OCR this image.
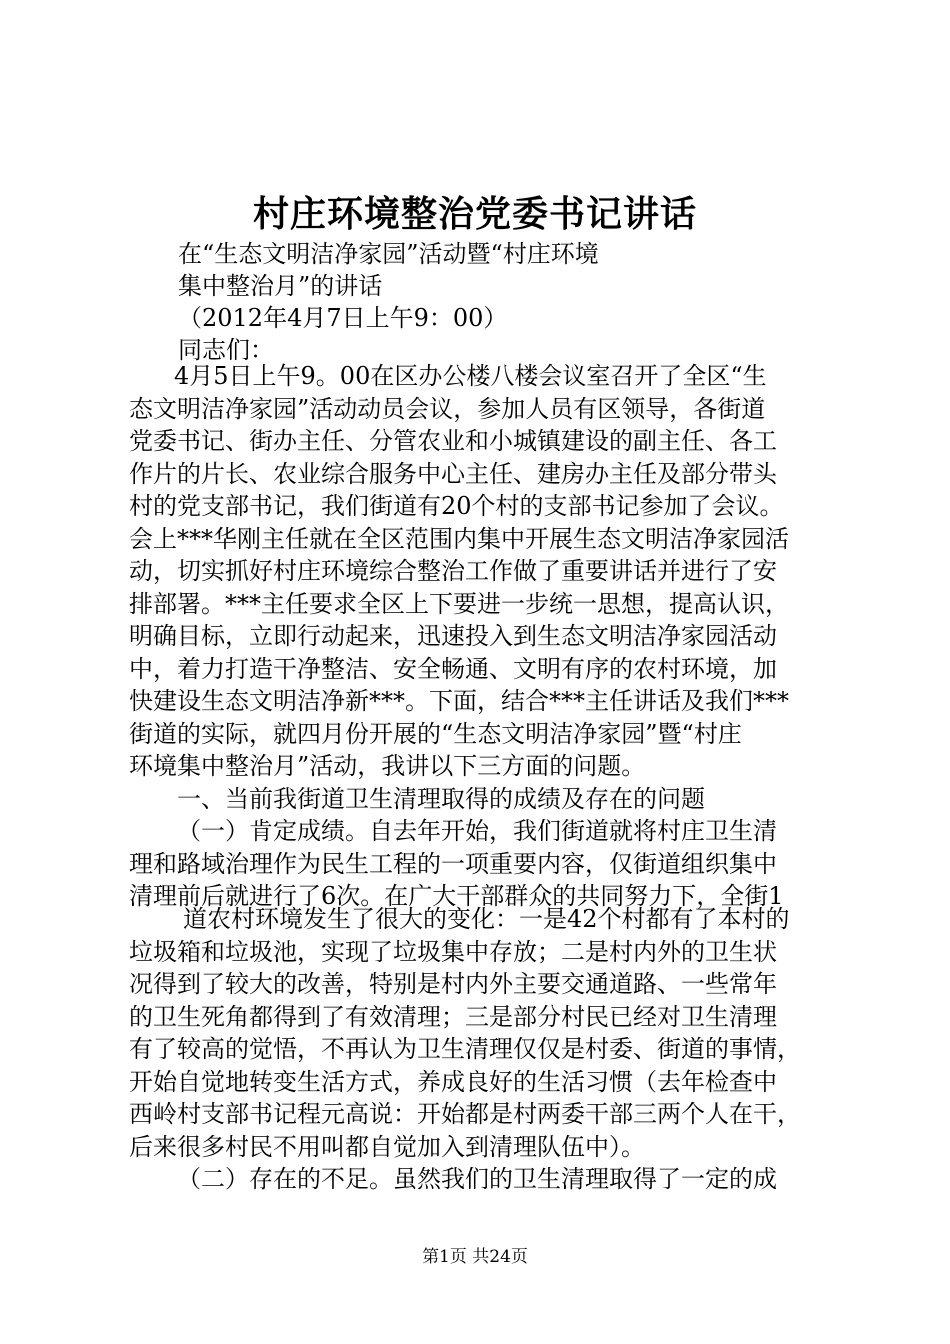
村庄环境整治党委书记讲话
在“生态文明洁净家园”活动暨“村庄环境
集中整治月”的讲话
（2012年4月7日上午9：00）
同志们：
4月5日上午9。00在区办公楼八楼会议室召开了全区“生
态文明洁净家园”活动动员会议，参加人员有区领导，各街道
党委书记、街办主任、分管农业和小城镇建设的副主任、各工
作片的片长、农业综合服务中心主任、建房办主任及部分带头
村的党支部书记，我们街道有20个村的支部书记参加了会议。
会上***华刚主任就在全区范围内集中开展生态文明洁净家园活
动，切实抓好村庄环境综合整治工作做了重要讲话并进行了安
排部署。***主任要求全区上下要进一步统一思想，提高认识，
明确目标，立即行动起来，迅速投入到生态文明洁净家园活动
中，着力打造干净整洁、安全畅通、文明有序的农村环境，加
快建设生态文明洁净新***。下面，结合***主任讲话及我们***
街道的实际，就四月份开展的“生态文明洁净家园”暨“村庄
环境集中整治月”活动，我讲以下三方面的问题。
　一、当前我街道卫生清理取得的成绩及存在的问题
　（一）肯定成绩。自去年开始，我们街道就将村庄卫生清
理和路域治理作为民生工程的一项重要内容，仅街道组织集中
清理前后就进行了6次。在广大干部群众的共同努力下，全街1
　道农村环境发生了很大的变化：一是42个村都有了本村的
垃圾箱和垃圾池，实现了垃圾集中存放；二是村内外的卫生状
况得到了较大的改善，特别是村内外主要交通道路、一些常年
的卫生死角都得到了有效清理；三是部分村民已经对卫生清理
有了较高的觉悟，不再认为卫生清理仅仅是村委、街道的事情，
开始自觉地转变生活方式，养成良好的生活习惯（去年检查中
西岭村支部书记程元高说：开始都是村两委干部三两个人在干，
后来很多村民不用叫都自觉加入到清理队伍中）。
　（二）存在的不足。虽然我们的卫生清理取得了一定的成
第1页 共24页
